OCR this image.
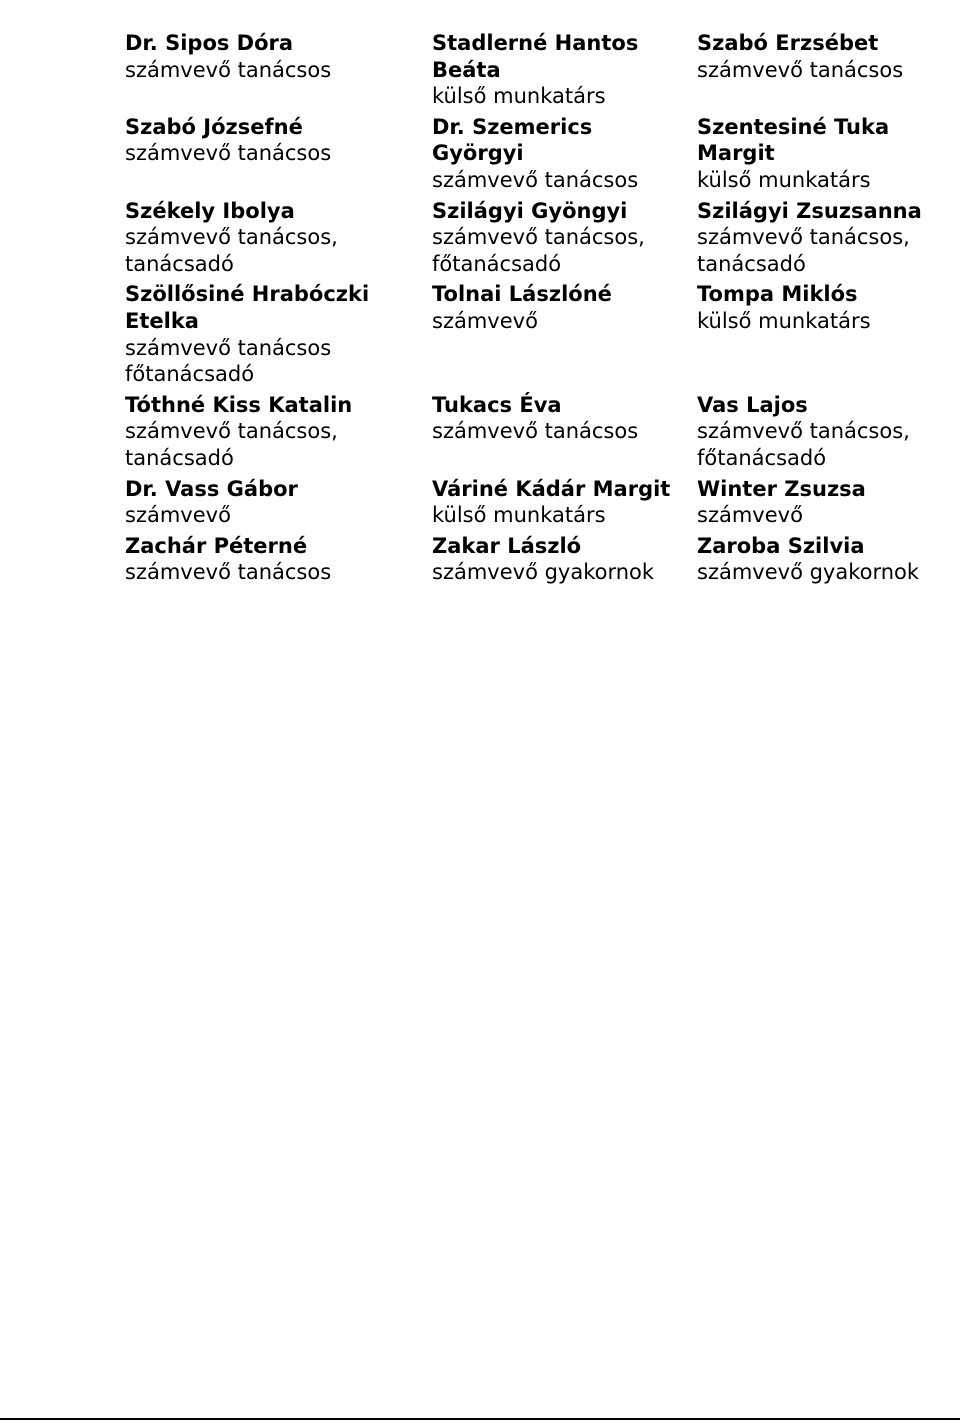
Dr. Sipos Dóra
számvevő tanácsos
Stadlerné Hantos
Beáta
külső munkatárs
Szabó Erzsébet
számvevő tanácsos
Szabó Józsefné
számvevő tanácsos
Dr. Szemerics
Györgyi
számvevő tanácsos
Szentesiné Tuka
Margit
külső munkatárs
Székely Ibolya
számvevő tanácsos,
tanácsadó
Szilágyi Gyöngyi
számvevő tanácsos,
főtanácsadó
Szilágyi Zsuzsanna
számvevő tanácsos,
tanácsadó
Szöllősiné Hrabóczki
Etelka
számvevő tanácsos
főtanácsadó
Tolnai Lászlóné
számvevő
Tompa Miklós
külső munkatárs
Tóthné Kiss Katalin
számvevő tanácsos,
tanácsadó
Tukacs Éva
számvevő tanácsos
Vas Lajos
számvevő tanácsos,
főtanácsadó
Dr. Vass Gábor
számvevő
Váriné Kádár Margit
külső munkatárs
Winter Zsuzsa
számvevő
Zachár Péterné
számvevő tanácsos
Zakar László
számvevő gyakornok
Zaroba Szilvia
számvevő gyakornok
